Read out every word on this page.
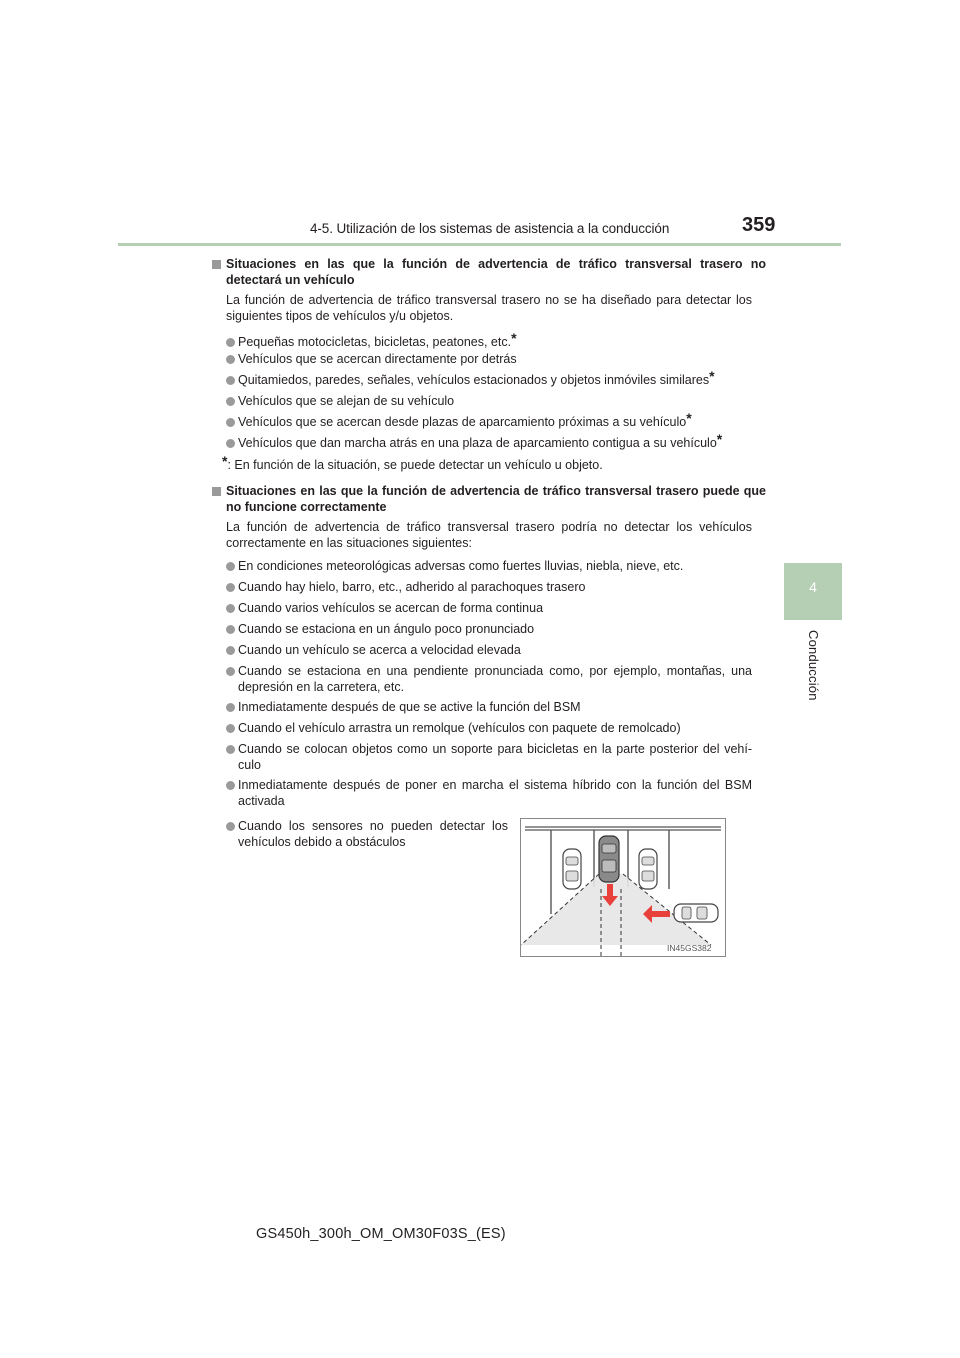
4-5. Utilización de los sistemas de asistencia a la conducción	359
4
Conducción
Situaciones en las que la función de advertencia de tráfico transversal trasero no detectará un vehículo
La función de advertencia de tráfico transversal trasero no se ha diseñado para detectar los siguientes tipos de vehículos y/u objetos.
Pequeñas motocicletas, bicicletas, peatones, etc.*
Vehículos que se acercan directamente por detrás
Quitamiedos, paredes, señales, vehículos estacionados y objetos inmóviles similares*
Vehículos que se alejan de su vehículo
Vehículos que se acercan desde plazas de aparcamiento próximas a su vehículo*
Vehículos que dan marcha atrás en una plaza de aparcamiento contigua a su vehículo*
*: En función de la situación, se puede detectar un vehículo u objeto.
Situaciones en las que la función de advertencia de tráfico transversal trasero puede que no funcione correctamente
La función de advertencia de tráfico transversal trasero podría no detectar los vehículos correctamente en las situaciones siguientes:
En condiciones meteorológicas adversas como fuertes lluvias, niebla, nieve, etc.
Cuando hay hielo, barro, etc., adherido al parachoques trasero
Cuando varios vehículos se acercan de forma continua
Cuando se estaciona en un ángulo poco pronunciado
Cuando un vehículo se acerca a velocidad elevada
Cuando se estaciona en una pendiente pronunciada como, por ejemplo, montañas, una depresión en la carretera, etc.
Inmediatamente después de que se active la función del BSM
Cuando el vehículo arrastra un remolque (vehículos con paquete de remolcado)
Cuando se colocan objetos como un soporte para bicicletas en la parte posterior del vehí-culo
Inmediatamente después de poner en marcha el sistema híbrido con la función del BSM activada
Cuando los sensores no pueden detectar los vehículos debido a obstáculos
IN45GS382
GS450h_300h_OM_OM30F03S_(ES)
